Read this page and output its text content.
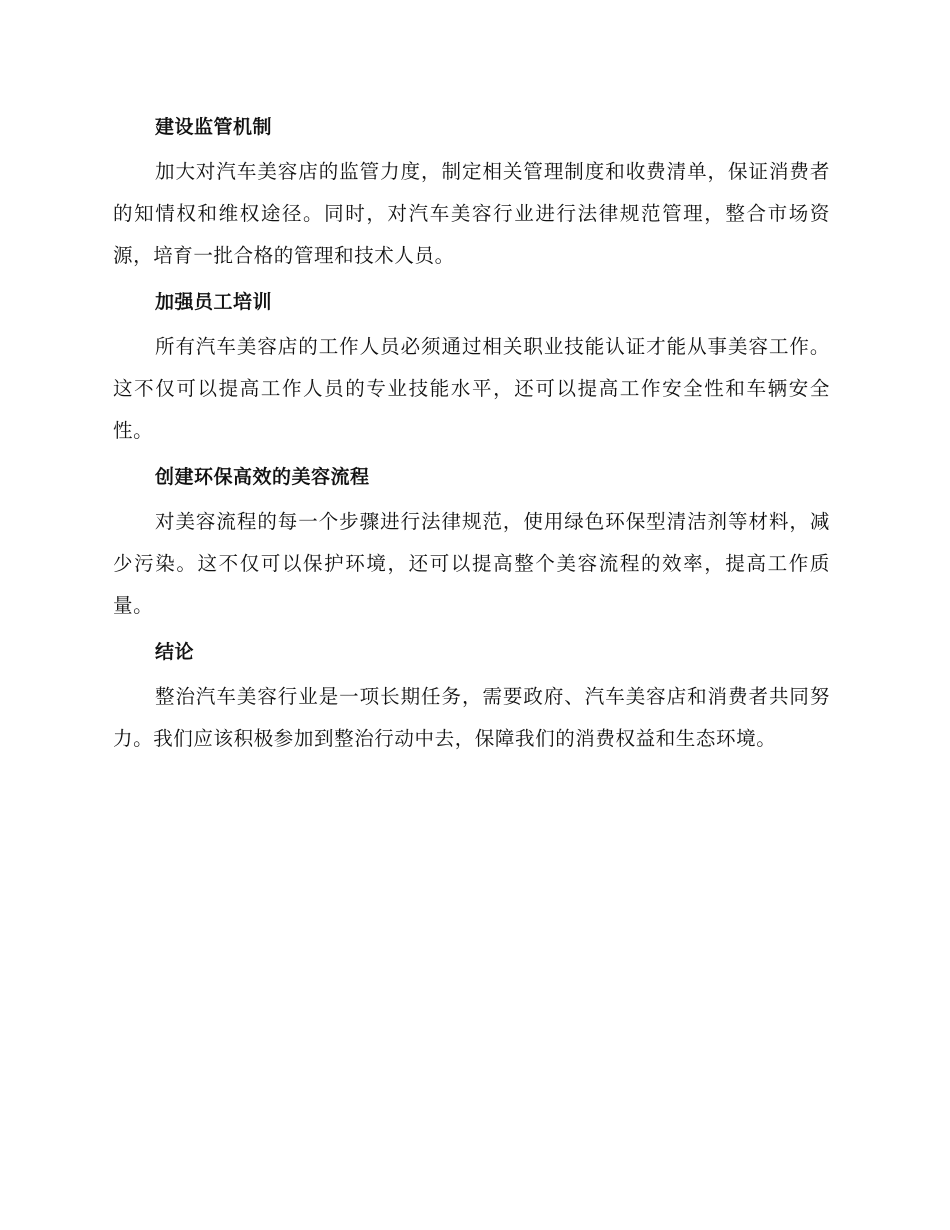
建设监管机制

加大对汽车美容店的监管力度，制定相关管理制度和收费清单，保证消费者的知情权和维权途径。同时，对汽车美容行业进行法律规范管理，整合市场资源，培育一批合格的管理和技术人员。

加强员工培训

所有汽车美容店的工作人员必须通过相关职业技能认证才能从事美容工作。这不仅可以提高工作人员的专业技能水平，还可以提高工作安全性和车辆安全性。

创建环保高效的美容流程

对美容流程的每一个步骤进行法律规范，使用绿色环保型清洁剂等材料，减少污染。这不仅可以保护环境，还可以提高整个美容流程的效率，提高工作质量。

结论

整治汽车美容行业是一项长期任务，需要政府、汽车美容店和消费者共同努力。我们应该积极参加到整治行动中去，保障我们的消费权益和生态环境。
